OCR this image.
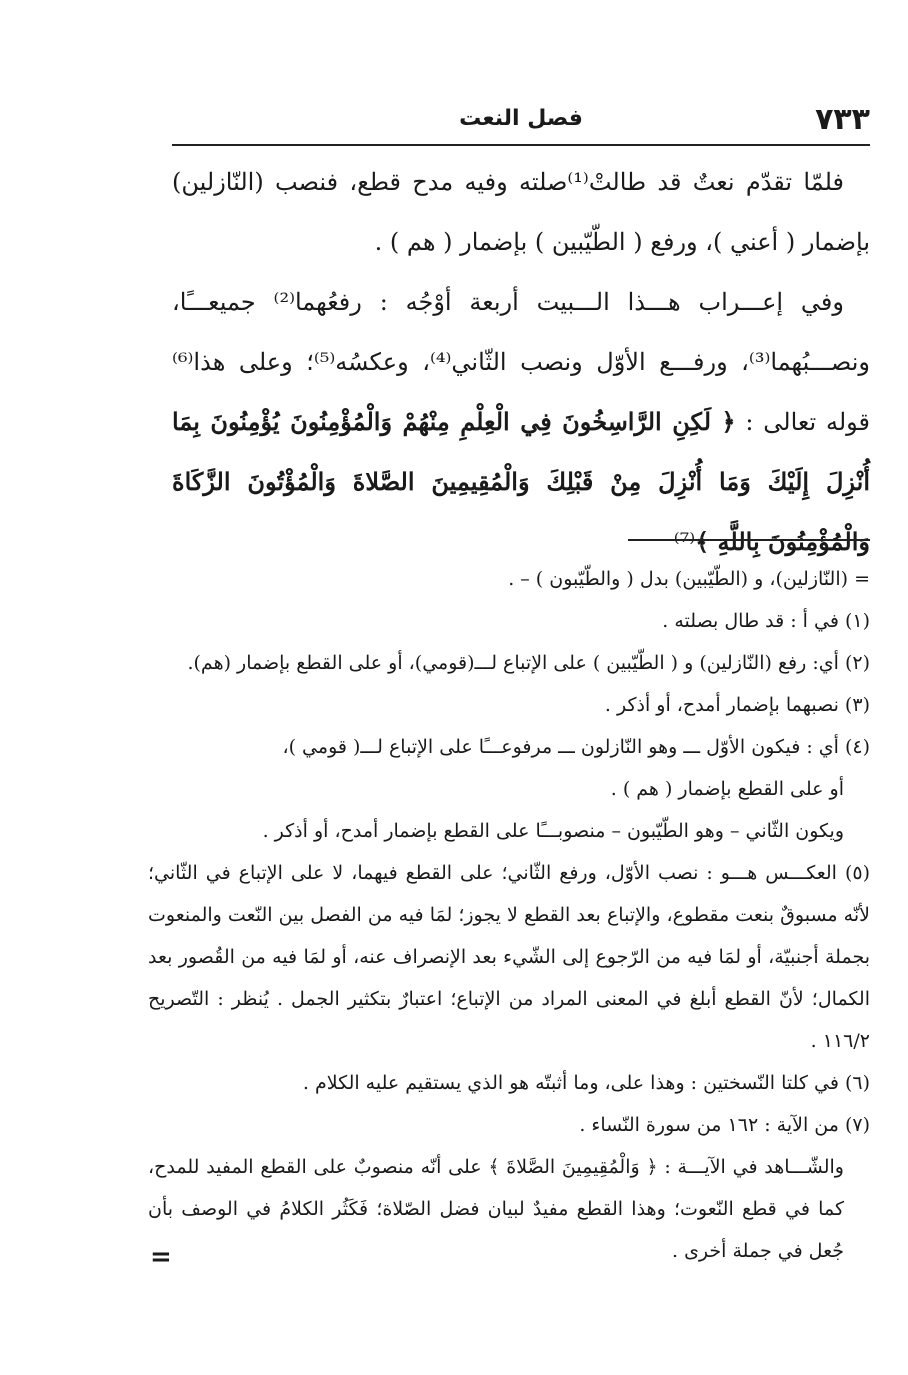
٧٣٣
فصل النعت

فلمّا تقدّم نعتٌ قد طالتْ⁽¹⁾صلته وفيه مدح قطع، فنصب (النّازلين) بإضمار ( أعني )، ورفع ( الطّيّبين ) بإضمار ( هم ) .

وفي إعـــراب هـــذا الـــبيت أربعة أوْجُه : رفعُهما⁽²⁾ جميعـــًا، ونصـــبُهما⁽³⁾، ورفـــع الأوّل ونصب الثّاني⁽⁴⁾، وعكسُه⁽⁵⁾؛ وعلى هذا⁽⁶⁾ قوله تعالى : ﴿ لَكِنِ الرَّاسِخُونَ فِي الْعِلْمِ مِنْهُمْ وَالْمُؤْمِنُونَ يُؤْمِنُونَ بِمَا أُنْزِلَ إِلَيْكَ وَمَا أُنْزِلَ مِنْ قَبْلِكَ وَالْمُقِيمِينَ الصَّلاةَ وَالْمُؤْتُونَ الزَّكَاةَ وَالْمُؤْمِنُونَ بِاللَّهِ ﴾⁽⁷⁾

= (النّازلين)، و (الطّيّبين) بدل ( والطّيّبون ) – .

(١) في أ : قد طال بصلته .

(٢) أي: رفع (النّازلين) و ( الطّيّبين ) على الإتباع لـــ(قومي)، أو على القطع بإضمار (هم).

(٣) نصبهما بإضمار أمدح، أو أذكر .

(٤) أي : فيكون الأوّل ـــ وهو النّازلون ـــ مرفوعـــًا على الإتباع لـــ( قومي )،

أو على القطع بإضمار ( هم ) .

ويكون الثّاني – وهو الطّيّبون – منصوبـــًا على القطع بإضمار أمدح، أو أذكر .

(٥) العكـــس هـــو : نصب الأوّل، ورفع الثّاني؛ على القطع فيهما، لا على الإتباع في الثّاني؛ لأنّه مسبوقٌ بنعت مقطوع، والإتباع بعد القطع لا يجوز؛ لمَا فيه من الفصل بين النّعت والمنعوت بجملة أجنبيّة، أو لمَا فيه من الرّجوع إلى الشّيء بعد الإنصراف عنه، أو لمَا فيه من القُصور بعد الكمال؛ لأنّ القطع أبلغ في المعنى المراد من الإتباع؛ اعتبارٌ بتكثير الجمل . يُنظر : التّصريح ١١٦/٢ .

(٦) في كلتا النّسختين : وهذا على، وما أثبتّه هو الذي يستقيم عليه الكلام .

(٧) من الآية : ١٦٢ من سورة النّساء .

والشّـــاهد في الآيـــة : ﴿ وَالْمُقِيمِينَ الصَّلاةَ ﴾ على أنّه منصوبٌ على القطع المفيد للمدح، كما في قطع النّعوت؛ وهذا القطع مفيدٌ لبيان فضل الصّلاة؛ فَكَثُر الكلامُ في الوصف بأن جُعل في جملة أخرى .

=
